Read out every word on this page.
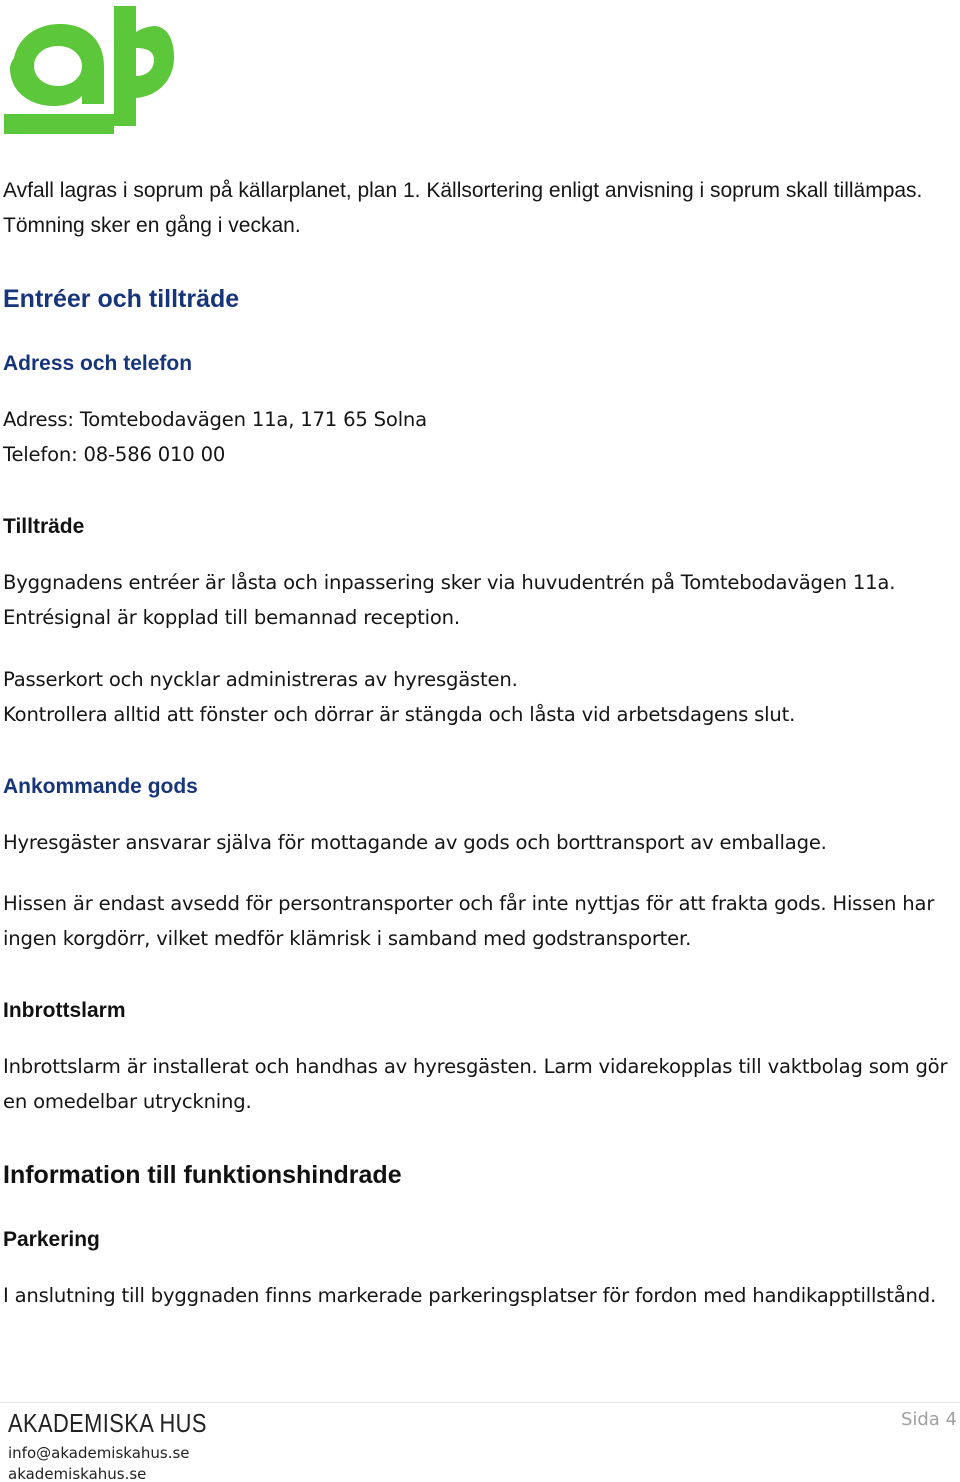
Avfall lagras i soprum på källarplanet, plan 1. Källsortering enligt anvisning i soprum skall tillämpas.
Tömning sker en gång i veckan.
Entréer och tillträde
Adress och telefon
Adress: Tomtebodavägen 11a, 171 65 Solna
Telefon: 08-586 010 00
Tillträde
Byggnadens entréer är låsta och inpassering sker via huvudentrén på Tomtebodavägen 11a.
Entrésignal är kopplad till bemannad reception.
Passerkort och nycklar administreras av hyresgästen.
Kontrollera alltid att fönster och dörrar är stängda och låsta vid arbetsdagens slut.
Ankommande gods
Hyresgäster ansvarar själva för mottagande av gods och borttransport av emballage.
Hissen är endast avsedd för persontransporter och får inte nyttjas för att frakta gods. Hissen har
ingen korgdörr, vilket medför klämrisk i samband med godstransporter.
Inbrottslarm
Inbrottslarm är installerat och handhas av hyresgästen. Larm vidarekopplas till vaktbolag som gör
en omedelbar utryckning.
Information till funktionshindrade
Parkering
I anslutning till byggnaden finns markerade parkeringsplatser för fordon med handikapptillstånd.
AKADEMISKA HUS
info@akademiskahus.se
akademiskahus.se
Sida 4
